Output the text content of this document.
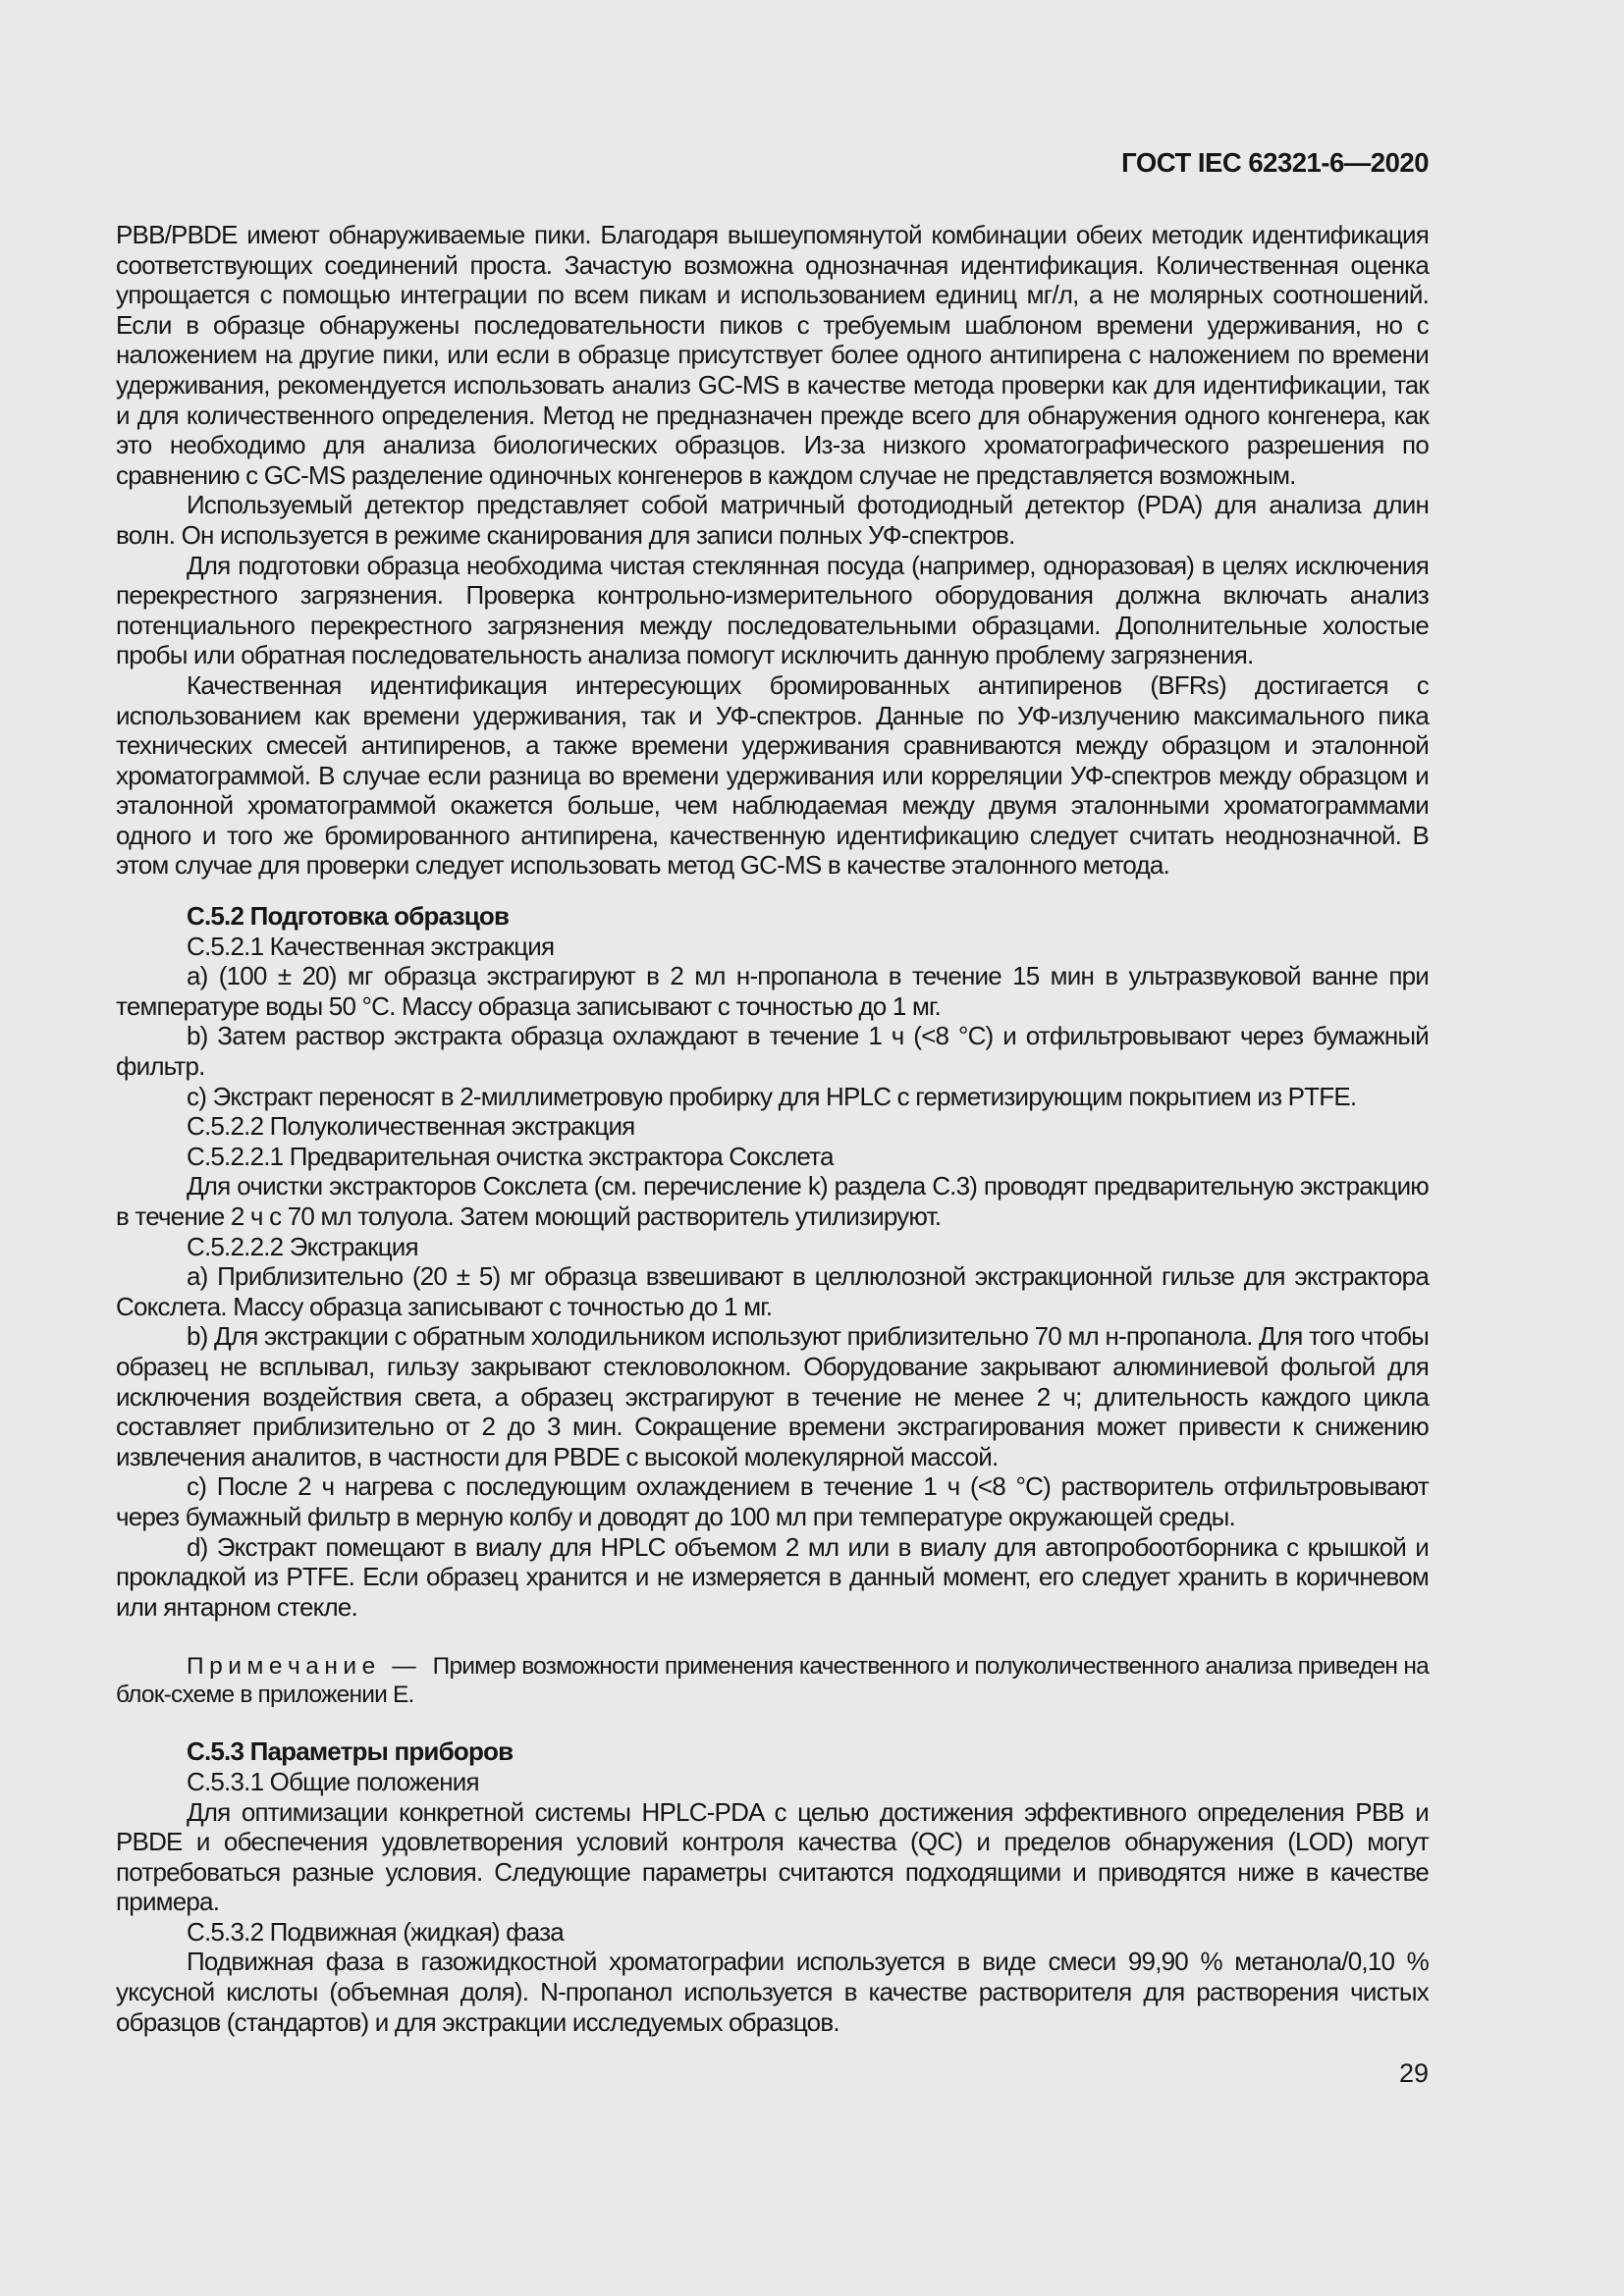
ГОСТ IEC 62321-6—2020

PBB/PBDE имеют обнаруживаемые пики. Благодаря вышеупомянутой комбинации обеих методик идентификация соответствующих соединений проста. Зачастую возможна однозначная идентификация. Количественная оценка упрощается с помощью интеграции по всем пикам и использованием единиц мг/л, а не молярных соотношений. Если в образце обнаружены последовательности пиков с требуемым шаблоном времени удерживания, но с наложением на другие пики, или если в образце присутствует более одного антипирена с наложением по времени удерживания, рекомендуется использовать анализ GC-MS в качестве метода проверки как для идентификации, так и для количественного определения. Метод не предназначен прежде всего для обнаружения одного конгенера, как это необходимо для анализа биологических образцов. Из-за низкого хроматографического разрешения по сравнению с GC-MS разделение одиночных конгенеров в каждом случае не представляется возможным.

Используемый детектор представляет собой матричный фотодиодный детектор (PDA) для анализа длин волн. Он используется в режиме сканирования для записи полных УФ-спектров.

Для подготовки образца необходима чистая стеклянная посуда (например, одноразовая) в целях исключения перекрестного загрязнения. Проверка контрольно-измерительного оборудования должна включать анализ потенциального перекрестного загрязнения между последовательными образцами. Дополнительные холостые пробы или обратная последовательность анализа помогут исключить данную проблему загрязнения.

Качественная идентификация интересующих бромированных антипиренов (BFRs) достигается с использованием как времени удерживания, так и УФ-спектров. Данные по УФ-излучению максимального пика технических смесей антипиренов, а также времени удерживания сравниваются между образцом и эталонной хроматограммой. В случае если разница во времени удерживания или корреляции УФ-спектров между образцом и эталонной хроматограммой окажется больше, чем наблюдаемая между двумя эталонными хроматограммами одного и того же бромированного антипирена, качественную идентификацию следует считать неоднозначной. В этом случае для проверки следует использовать метод GC-MS в качестве эталонного метода.

С.5.2 Подготовка образцов

С.5.2.1 Качественная экстракция

a) (100 ± 20) мг образца экстрагируют в 2 мл н-пропанола в течение 15 мин в ультразвуковой ванне при температуре воды 50 °С. Массу образца записывают с точностью до 1 мг.

b) Затем раствор экстракта образца охлаждают в течение 1 ч (<8 °С) и отфильтровывают через бумажный фильтр.

c) Экстракт переносят в 2-миллиметровую пробирку для HPLC с герметизирующим покрытием из PTFE.

С.5.2.2 Полуколичественная экстракция

С.5.2.2.1 Предварительная очистка экстрактора Сокслета

Для очистки экстракторов Сокслета (см. перечисление k) раздела С.3) проводят предварительную экстракцию в течение 2 ч с 70 мл толуола. Затем моющий растворитель утилизируют.

С.5.2.2.2 Экстракция

a) Приблизительно (20 ± 5) мг образца взвешивают в целлюлозной экстракционной гильзе для экстрактора Сокслета. Массу образца записывают с точностью до 1 мг.

b) Для экстракции с обратным холодильником используют приблизительно 70 мл н-пропанола. Для того чтобы образец не всплывал, гильзу закрывают стекловолокном. Оборудование закрывают алюминиевой фольгой для исключения воздействия света, а образец экстрагируют в течение не менее 2 ч; длительность каждого цикла составляет приблизительно от 2 до 3 мин. Сокращение времени экстрагирования может привести к снижению извлечения аналитов, в частности для PBDE с высокой молекулярной массой.

c) После 2 ч нагрева с последующим охлаждением в течение 1 ч (<8 °С) растворитель отфильтровывают через бумажный фильтр в мерную колбу и доводят до 100 мл при температуре окружающей среды.

d) Экстракт помещают в виалу для HPLC объемом 2 мл или в виалу для автопробоотборника с крышкой и прокладкой из PTFE. Если образец хранится и не измеряется в данный момент, его следует хранить в коричневом или янтарном стекле.

П р и м е ч а н и е  —  Пример возможности применения качественного и полуколичественного анализа приведен на блок-схеме в приложении E.

С.5.3 Параметры приборов

С.5.3.1 Общие положения

Для оптимизации конкретной системы HPLC-PDA с целью достижения эффективного определения PBB и PBDE и обеспечения удовлетворения условий контроля качества (QC) и пределов обнаружения (LOD) могут потребоваться разные условия. Следующие параметры считаются подходящими и приводятся ниже в качестве примера.

С.5.3.2 Подвижная (жидкая) фаза

Подвижная фаза в газожидкостной хроматографии используется в виде смеси 99,90 % метанола/0,10 % уксусной кислоты (объемная доля). N-пропанол используется в качестве растворителя для растворения чистых образцов (стандартов) и для экстракции исследуемых образцов.

29
